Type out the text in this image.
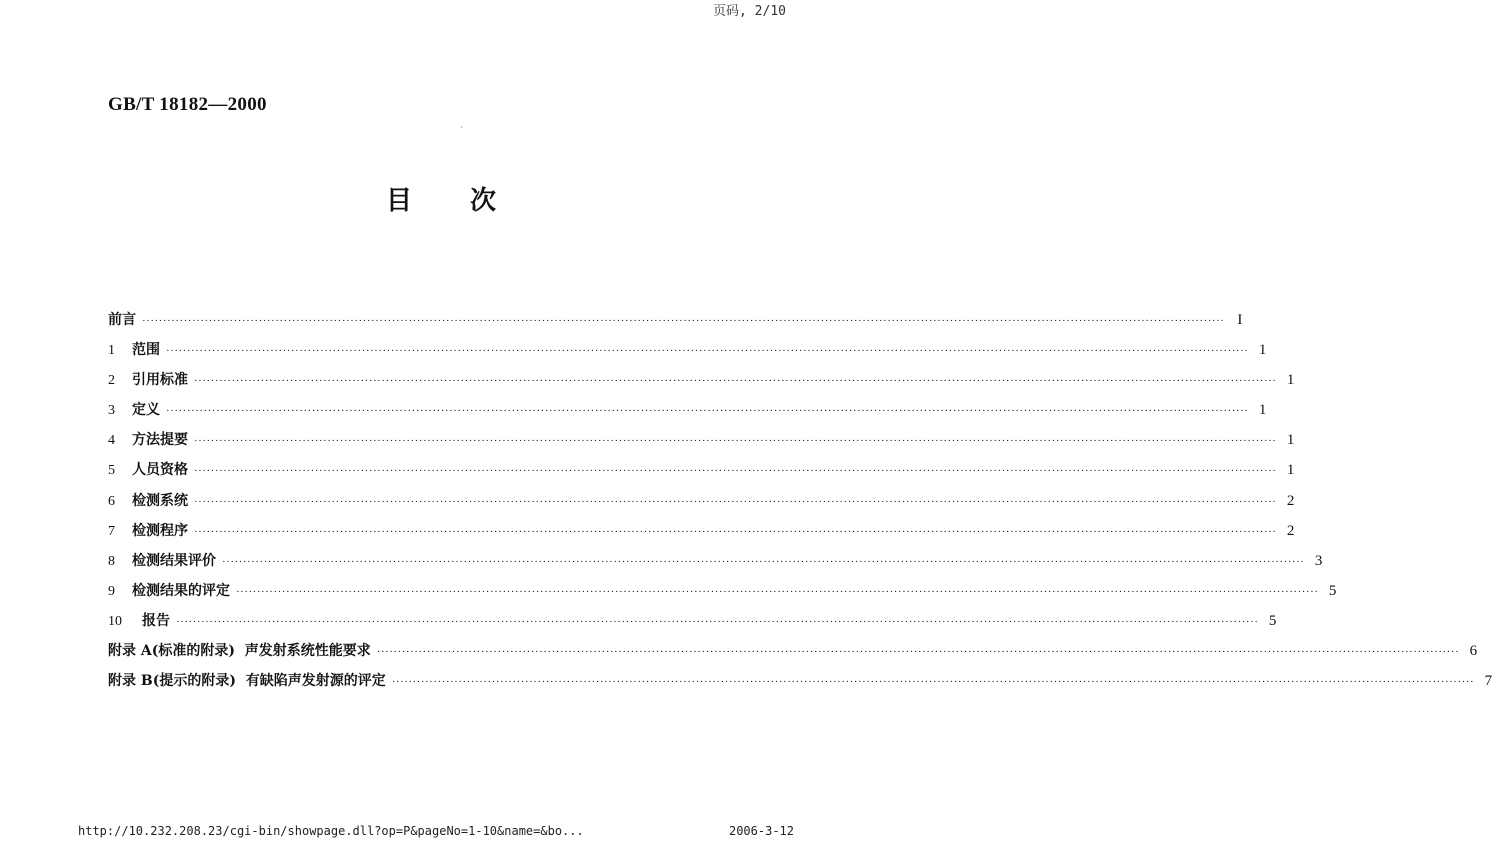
页码, 2/10
GB/T 18182—2000
`
目 次
前言 ···································································································································································································································································· I
1	范围 ···································································································································································································································································· 1
2	引用标准 ···································································································································································································································································· 1
3	定义 ···································································································································································································································································· 1
4	方法提要 ···································································································································································································································································· 1
5	人员资格 ···································································································································································································································································· 1
6	检测系统 ···································································································································································································································································· 2
7	检测程序 ···································································································································································································································································· 2
8	检测结果评价 ···································································································································································································································································· 3
9	检测结果的评定 ···································································································································································································································································· 5
10	报告 ···································································································································································································································································· 5
附录 A(标准的附录)  声发射系统性能要求 ···································································································································································································································································· 6
附录 B(提示的附录)  有缺陷声发射源的评定 ···································································································································································································································································· 7
http://10.232.208.23/cgi-bin/showpage.dll?op=P&pageNo=1-10&name=&bo...	2006-3-12
